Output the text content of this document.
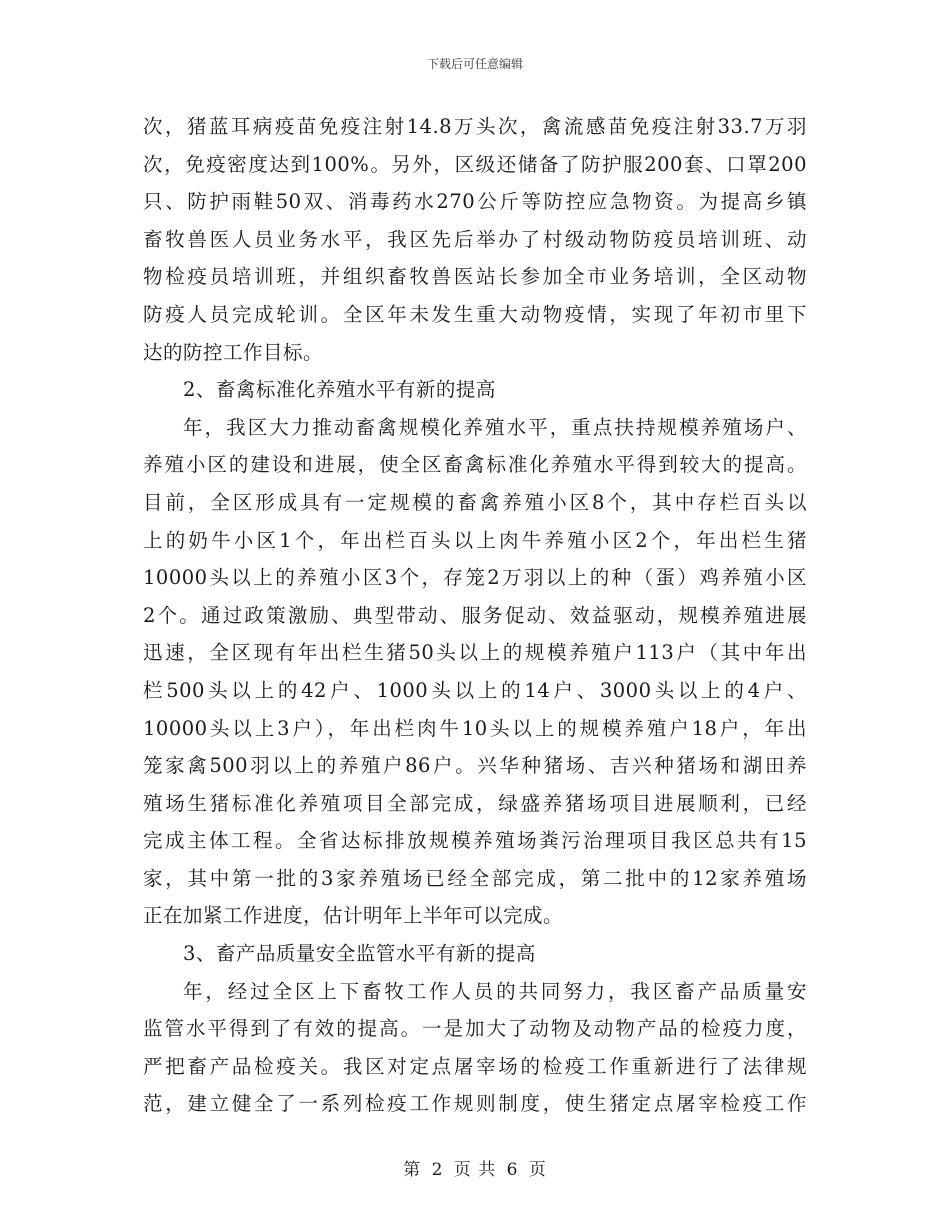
下载后可任意编辑
次，猪蓝耳病疫苗免疫注射14.8万头次，禽流感苗免疫注射33.7万羽
次，免疫密度达到100%。另外，区级还储备了防护服200套、口罩200
只、防护雨鞋50双、消毒药水270公斤等防控应急物资。为提高乡镇
畜牧兽医人员业务水平，我区先后举办了村级动物防疫员培训班、动
物检疫员培训班，并组织畜牧兽医站长参加全市业务培训，全区动物
防疫人员完成轮训。全区年未发生重大动物疫情，实现了年初市里下
达的防控工作目标。
2、畜禽标准化养殖水平有新的提高
年，我区大力推动畜禽规模化养殖水平，重点扶持规模养殖场户、
养殖小区的建设和进展，使全区畜禽标准化养殖水平得到较大的提高。
目前，全区形成具有一定规模的畜禽养殖小区8个，其中存栏百头以
上的奶牛小区1个，年出栏百头以上肉牛养殖小区2个，年出栏生猪
10000头以上的养殖小区3个，存笼2万羽以上的种（蛋）鸡养殖小区
2个。通过政策激励、典型带动、服务促动、效益驱动，规模养殖进展
迅速，全区现有年出栏生猪50头以上的规模养殖户113户（其中年出
栏500头以上的42户、1000头以上的14户、3000头以上的4户、
10000头以上3户），年出栏肉牛10头以上的规模养殖户18户，年出
笼家禽500羽以上的养殖户86户。兴华种猪场、吉兴种猪场和湖田养
殖场生猪标准化养殖项目全部完成，绿盛养猪场项目进展顺利，已经
完成主体工程。全省达标排放规模养殖场粪污治理项目我区总共有15
家，其中第一批的3家养殖场已经全部完成，第二批中的12家养殖场
正在加紧工作进度，估计明年上半年可以完成。
3、畜产品质量安全监管水平有新的提高
年，经过全区上下畜牧工作人员的共同努力，我区畜产品质量安
监管水平得到了有效的提高。一是加大了动物及动物产品的检疫力度，
严把畜产品检疫关。我区对定点屠宰场的检疫工作重新进行了法律规
范，建立健全了一系列检疫工作规则制度，使生猪定点屠宰检疫工作
第 2 页 共 6 页
